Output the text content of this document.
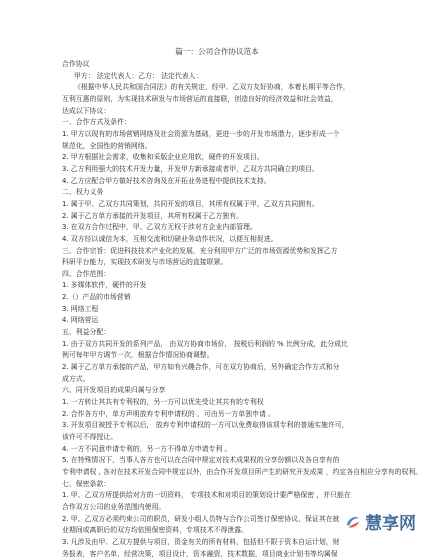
篇一：公司合作协议范本

合作协议

甲方： 法定代表人：乙方： 法定代表人：

《根据中华人民共和国合同法》的有关规定，经甲、乙双方友好协商，本着长期平等合作，

互利互惠的原则，为实现技术研发与市场营运的直接联，创造良好的经济效益和社会效益，

达成以下协议：

一、合作方式及条件：

1. 甲方以现有的市场营销网络及社会资源为基础，更进一步的开发市场潜力，逐步形成一个

规范化，全国性的营销网络。

2. 甲方根据社会需求，收集和采版企业应用软，硬件的开发项目。

3. 乙方利用强大的技术开发力量，开发甲方新承接或者甲，乙双方共同确立的项目。

4. 乙方应配合甲方做好技术咨询及在开拓业务进程中提供技术支持。

二、权力义务

1. 属于甲、乙双方共同策划，共同开发的项目，其所有权属于甲，乙双方共同拥有。

2. 属于乙方单方承接的开发项目，其所有权属于乙方独有。

3. 在双方合作过程中，甲、乙双方无权干涉对方企业内部管理。

4. 双方经以诚信为本，互相交流和切磋业务动作状况，以便互相促进。

三、合作宗旨：促进科技技术产业化的发展，充分利用甲方广泛的市场资源优势和发挥乙方

科研平台能力，实现技术研发与市场营运的直接联紧。

四、合作范围：

1. 多媒体软件，硬件的开发

2.（）产品的市场营销

3. 网络工程

4. 网络营运

五、利益分配：

1. 由于双方共同开发的系列产品， 由双方协商市场价， 按税后利润的 % 比例分成，此分成比

例可每年甲方调节一次，根据合作情况协商调整。

2. 属于乙方单方承接的产品，甲方如有兴趣合作，可在双方协商后，另外确定合作方式和分

成方式。

六、同开发项目的成果归属与分享

1. 一方转让其共有专利权的，另一方可以优先受让其共有的专利权

2. 合作各方中，单方声明放弃专利申请权的 ，可由另一方单独申请 。

3. 开发项目被授予专利以后， 放弃专利申请权的一方可以免费取得该项专利的普通实施许可，

该许可不得授让。

4. 一方不同意申请专利的，另一方不得单方申请专利 。

5. 在特殊情况下，当事人各方也可以在合同中规定对技术成果权的分享份额以及各自享有的

专利申请权 , 各对在技术开发合同中规定以外，由合作开发项目所产生的研究开发成果 ，约定各自相应分享有的权利。

七、保密条款：

1. 甲、乙双方所提供给对方的一切资料， 专项技术和对项目的策划设计要严格保密 ，并只能在

合作双方公司的业务范围内使用。

2. 甲、乙双方必须约束公司的职员，研发小组人员特与合作公司签订保密协议，保证其在就

业期间或离职后的双方均依照保密资料，专项技术不得泄露。

3. 凡涉及由甲、乙双方提供与项目，资金有关的所有材料，包括但不限于资本自运计划，财

务报表，客户名单，经营决策，项目设计，资本融资，技术数据，项目商业计划书等均属保

慧享网
